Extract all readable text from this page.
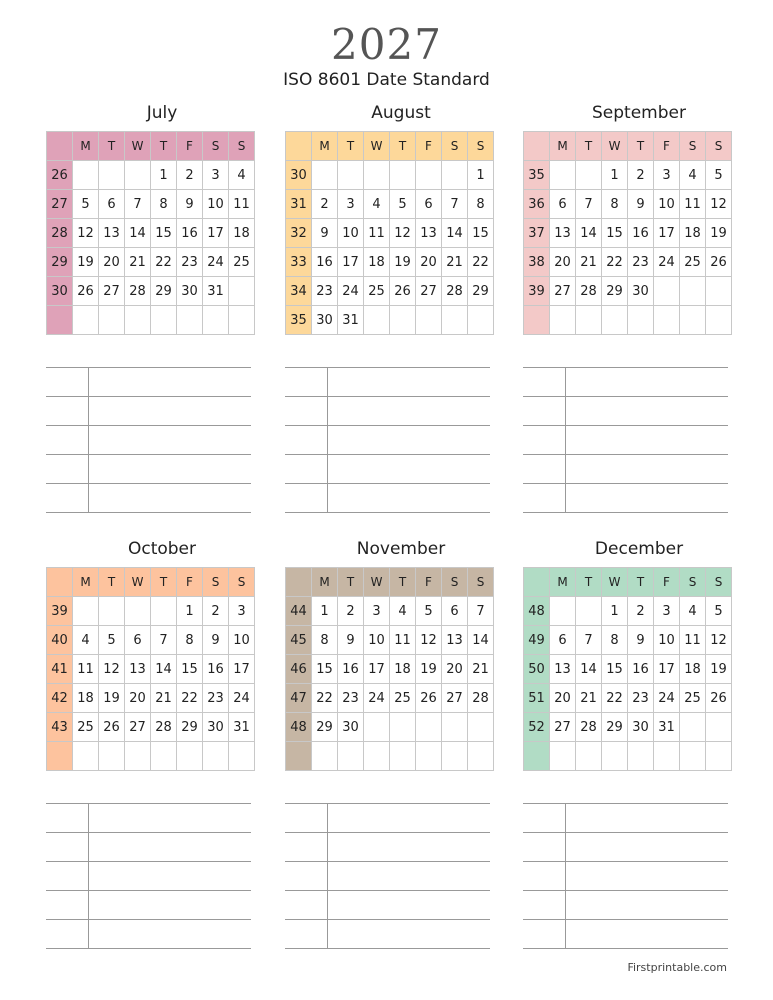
2027
ISO 8601 Date Standard
July
	M	T	W	T	F	S	S
26				1	2	3	4
27	5	6	7	8	9	10	11
28	12	13	14	15	16	17	18
29	19	20	21	22	23	24	25
30	26	27	28	29	30	31	

August
	M	T	W	T	F	S	S
30							1
31	2	3	4	5	6	7	8
32	9	10	11	12	13	14	15
33	16	17	18	19	20	21	22
34	23	24	25	26	27	28	29
35	30	31					

September
	M	T	W	T	F	S	S
35			1	2	3	4	5
36	6	7	8	9	10	11	12
37	13	14	15	16	17	18	19
38	20	21	22	23	24	25	26
39	27	28	29	30			

October
	M	T	W	T	F	S	S
39					1	2	3
40	4	5	6	7	8	9	10
41	11	12	13	14	15	16	17
42	18	19	20	21	22	23	24
43	25	26	27	28	29	30	31

November
	M	T	W	T	F	S	S
44	1	2	3	4	5	6	7
45	8	9	10	11	12	13	14
46	15	16	17	18	19	20	21
47	22	23	24	25	26	27	28
48	29	30					

December
	M	T	W	T	F	S	S
48			1	2	3	4	5
49	6	7	8	9	10	11	12
50	13	14	15	16	17	18	19
51	20	21	22	23	24	25	26
52	27	28	29	30	31		

Firstprintable.com
